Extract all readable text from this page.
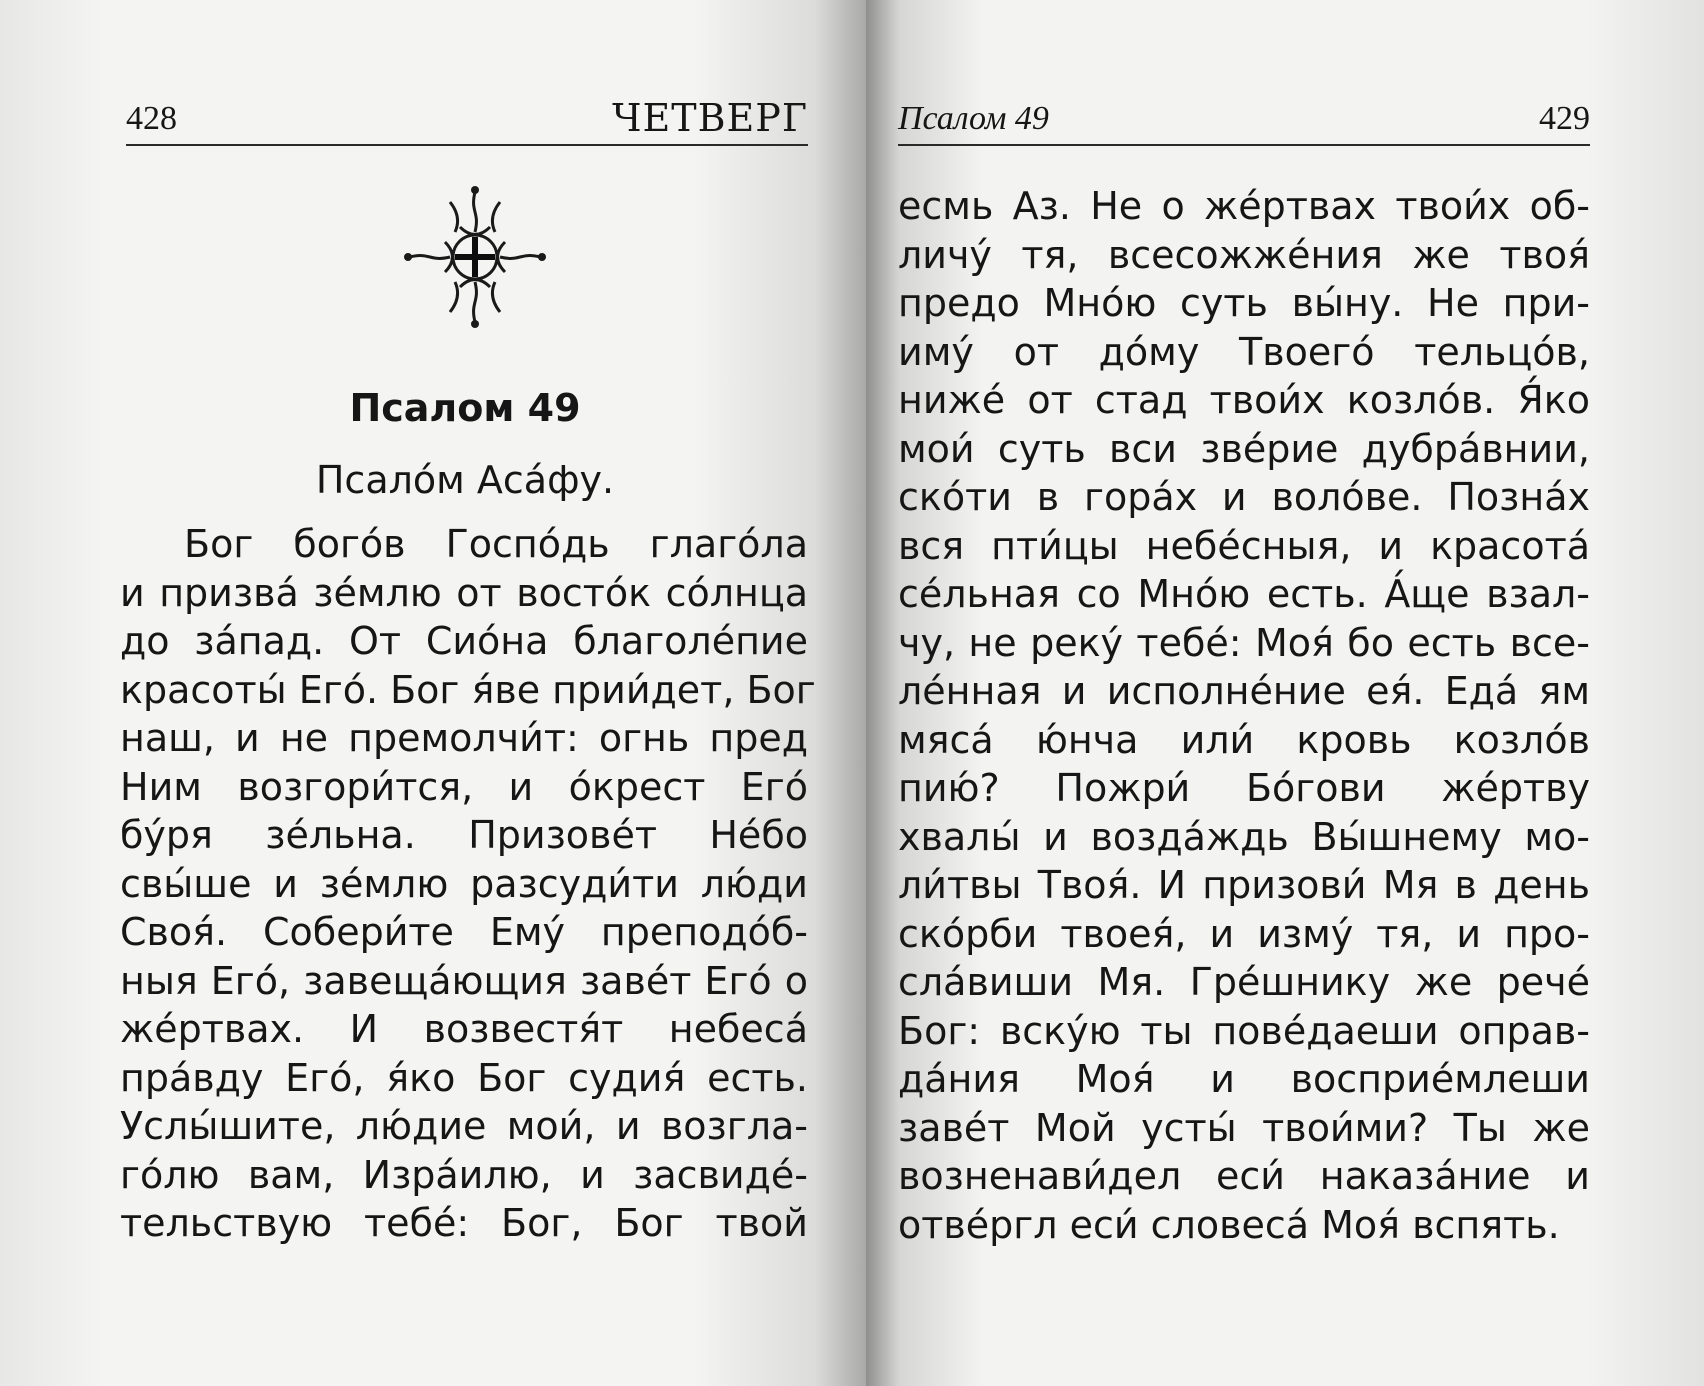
428	ЧЕТВЕРГ
Псалом 49
Псало́м Аса́фу.
Бог бого́в Госпо́дь глаго́ла
и призва́ зе́млю от восто́к со́лнца
до за́пад. От Сио́на благоле́пие
красоты́ Его́. Бог я́ве прии́дет, Бог
наш, и не премолчи́т: огнь пред
Ним возгори́тся, и о́крест Его́
бу́ря зе́льна. Призове́т Не́бо
свы́ше и зе́млю разсуди́ти лю́ди
Своя́. Собери́те Ему́ преподо́б-
ныя Его́, завеща́ющия заве́т Его́ о
же́ртвах. И возвестя́т небеса́
пра́вду Его́, я́ко Бог судия́ есть.
Услы́шите, лю́дие мои́, и возгла-
го́лю вам, Изра́илю, и засвиде́-
тельствую тебе́: Бог, Бог твой
Псалом 49	429
есмь Аз. Не о же́ртвах твои́х об-
личу́ тя, всесожже́ния же твоя́
предо Мно́ю суть вы́ну. Не при-
иму́ от до́му Твоего́ тельцо́в,
ниже́ от стад твои́х козло́в. Я́ко
мои́ суть вси зве́рие дубра́внии,
ско́ти в гора́х и воло́ве. Позна́х
вся пти́цы небе́сныя, и красота́
се́льная со Мно́ю есть. А́ще взал-
чу, не реку́ тебе́: Моя́ бо есть все-
ле́нная и исполне́ние ея́. Еда́ ям
мяса́ ю́нча или́ кровь козло́в
пию́? Пожри́ Бо́гови же́ртву
хвалы́ и возда́ждь Вы́шнему мо-
ли́твы Твоя́. И призови́ Мя в день
ско́рби твоея́, и изму́ тя, и про-
сла́виши Мя. Гре́шнику же рече́
Бог: вску́ю ты пове́даеши оправ-
да́ния Моя́ и восприе́млеши
заве́т Мой усты́ твои́ми? Ты же
возненави́дел еси́ наказа́ние и
отве́ргл еси́ словеса́ Моя́ вспять.
